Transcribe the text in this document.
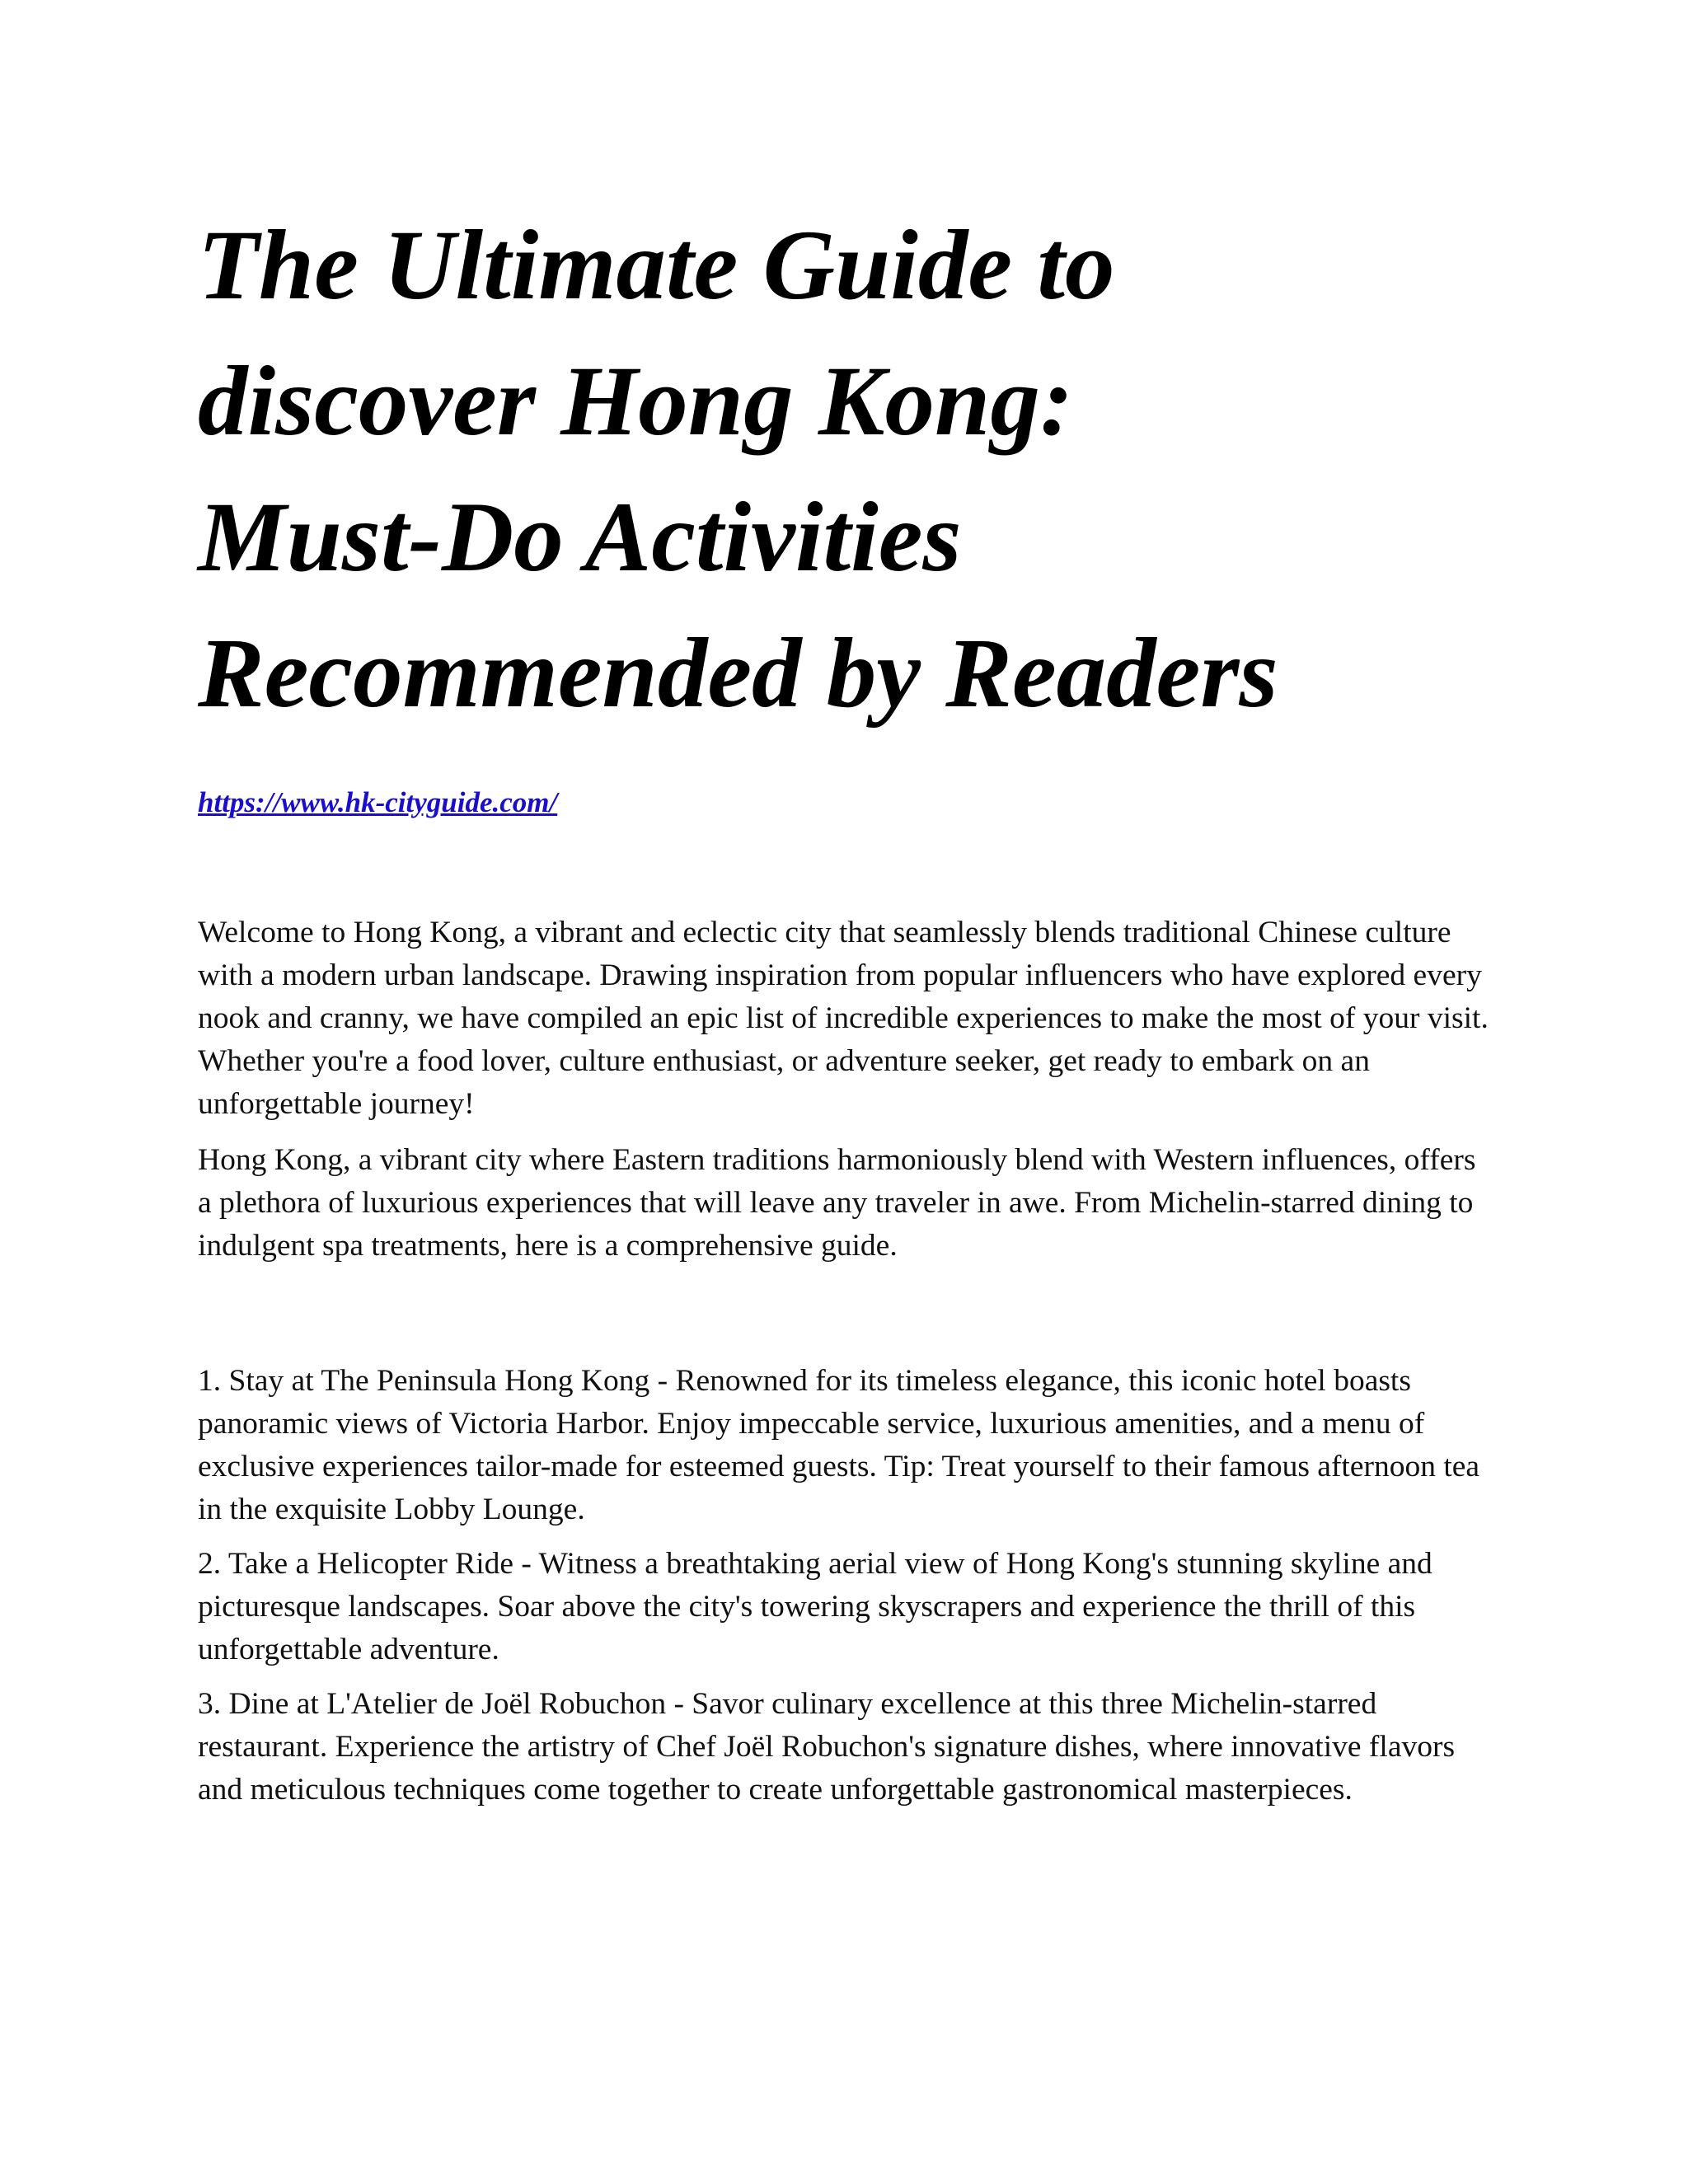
The Ultimate Guide to
discover Hong Kong:
Must-Do Activities
Recommended by Readers
https://www.hk-cityguide.com/

Welcome to Hong Kong, a vibrant and eclectic city that seamlessly blends traditional Chinese culture with a modern urban landscape. Drawing inspiration from popular influencers who have explored every nook and cranny, we have compiled an epic list of incredible experiences to make the most of your visit. Whether you're a food lover, culture enthusiast, or adventure seeker, get ready to embark on an unforgettable journey!

Hong Kong, a vibrant city where Eastern traditions harmoniously blend with Western influences, offers a plethora of luxurious experiences that will leave any traveler in awe. From Michelin-starred dining to indulgent spa treatments, here is a comprehensive guide.

1. Stay at The Peninsula Hong Kong - Renowned for its timeless elegance, this iconic hotel boasts panoramic views of Victoria Harbor. Enjoy impeccable service, luxurious amenities, and a menu of exclusive experiences tailor-made for esteemed guests. Tip: Treat yourself to their famous afternoon tea in the exquisite Lobby Lounge.

2. Take a Helicopter Ride - Witness a breathtaking aerial view of Hong Kong's stunning skyline and picturesque landscapes. Soar above the city's towering skyscrapers and experience the thrill of this unforgettable adventure.

3. Dine at L'Atelier de Joël Robuchon - Savor culinary excellence at this three Michelin-starred restaurant. Experience the artistry of Chef Joël Robuchon's signature dishes, where innovative flavors and meticulous techniques come together to create unforgettable gastronomical masterpieces.
